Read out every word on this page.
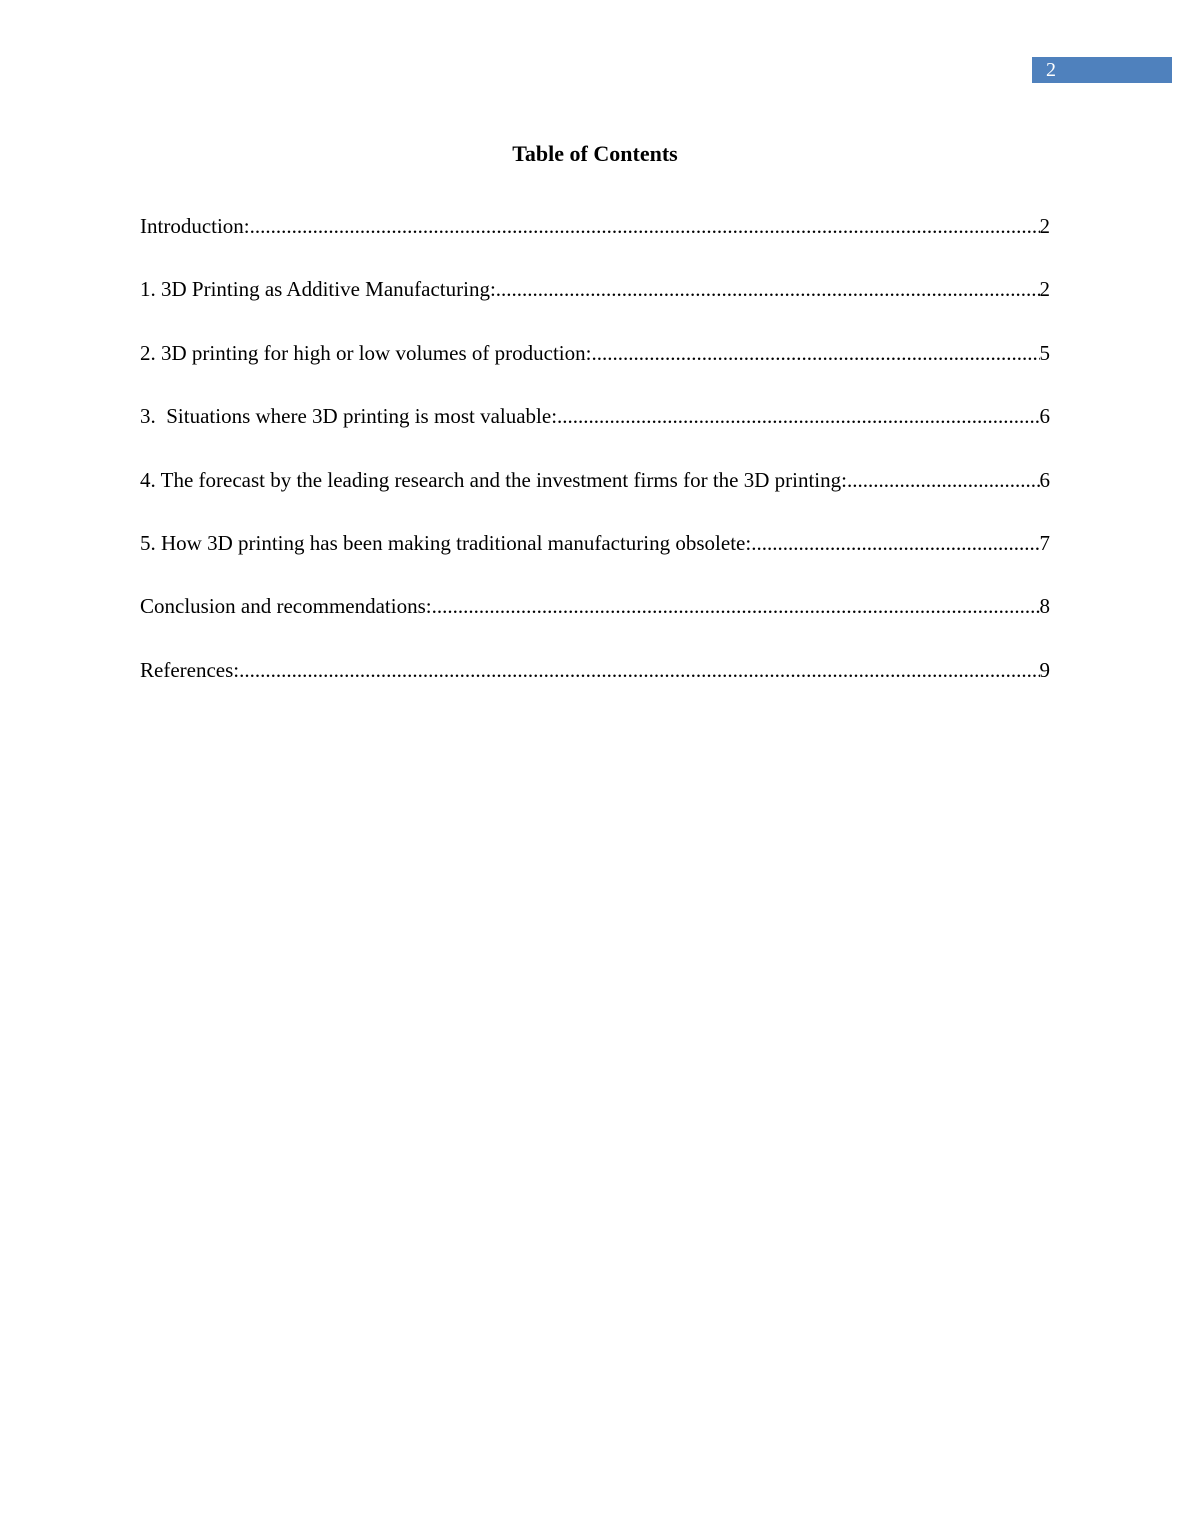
2
Table of Contents
Introduction: .....	2
1. 3D Printing as Additive Manufacturing: .....	2
2. 3D printing for high or low volumes of production: .....	5
3.  Situations where 3D printing is most valuable: .....	6
4. The forecast by the leading research and the investment firms for the 3D printing: .....	6
5. How 3D printing has been making traditional manufacturing obsolete: .....	7
Conclusion and recommendations: .....	8
References: .....	9
